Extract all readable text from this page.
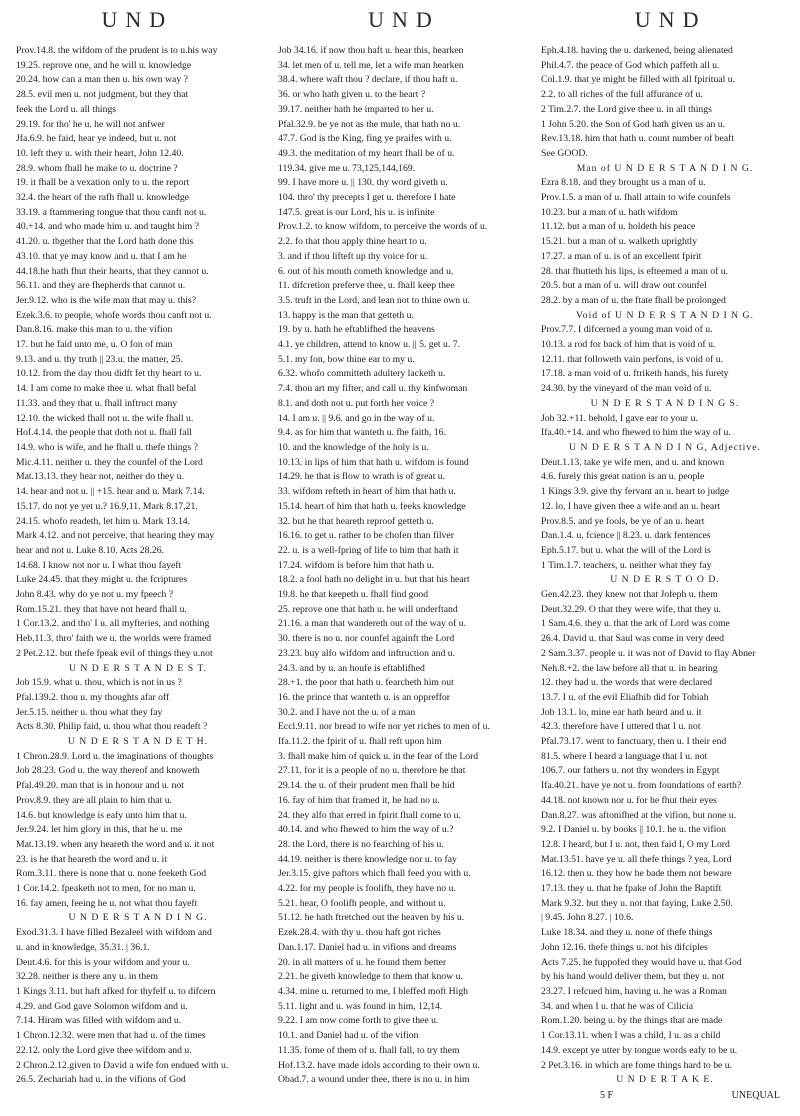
UND	UND	UND
Prov.14.8. the wifdom of the prudent is to u.his way
19.25. reprove one, and he will u. knowledge
20.24. how can a man then u. his own way ?
28.5. evil men u. not judgment, but they that
feek the Lord u. all things
29.19. for tho' he u. he will not anfwer
Jfa.6.9. he faid, hear ye indeed, but u. not
10. left they u. with their heart, John 12.40.
28.9. whom fhall he make to u. doctrine ?
19. it fhall be a vexation only to u. the report
32.4. the heart of the rafh fhall u. knowledge
33.19. a ftammering tongue that thou canft not u.
40.+14. and who made him u. and taught him ?
41.20. u. tbgether that the Lord hath done this
43.10. that ye may know and u. that I am he
44.18.he hath fhut their hearts, that they cannot u.
56.11. and they are fhepherds that cannot u.
Jer.9.12. who is the wife man that may u. this?
Ezek.3.6. to people, whofe words thou canft not u.
Dan.8.16. make this man to u. the vifion
17. but he faid unto me, u. O fon of man
9.13. and u. thy truth || 23.u. the matter, 25.
10.12. from the day thou didft fet thy heart to u.
14. I am come to make thee u. what fhall befal
11.33. and they that u. fhall inftruct many
12.10. the wicked fhall not u. the wife fhall u.
Hof.4.14. the people that doth not u. fhall fall
14.9. who is wife, and he fhall u. thefe things ?
Mic.4.11. neither u. they the counfel of the Lord
Mat.13.13. they hear not, neither do they u.
14. hear and not u. || +15. hear and u. Mark 7.14.
15.17. do not ye yet u.? 16.9,11. Mark 8.17,21.
24.15. whofo readeth, let him u. Mark 13.14.
Mark 4.12. and not perceive, that hearing they may
hear and not u. Luke 8.10. Acts 28.26.
14.68. I know not nor u. I what thou fayeft
Luke 24.45. that they might u. the fcriptures
John 8.43. why do ye not u. my fpeech ?
Rom.15.21. they that have not heard fhall u.
1 Cor.13.2. and tho' I u. all myfteries, and nothing
Heb.11.3. thro' faith we u. the worlds were framed
2 Pet.2.12. but thefe fpeak evil of things they u.not
U N D E R S T A N D E S T.
Job 15.9. what u. thou, which is not in us ?
Pfal.139.2. thou u. my thoughts afar off
Jer.5.15. neither u. thou what they fay
Acts 8.30. Philip faid, u. thou what thou readeft ?
U N D E R S T A N D E T H.
1 Chron.28.9. Lord u. the imaginations of thoughts
Job 28.23. God u. the way thereof and knoweth
Pfal.49.20. man that is in honour and u. not
Prov.8.9. they are all plain to him that u.
14.6. but knowledge is eafy unto him that u.
Jer.9.24. let him glory in this, that he u. me
Mat.13.19. when any heareth the word and u. it not
23. is he that heareth the word and u. it
Rom.3.11. there is none that u. none feeketh God
1 Cor.14.2. fpeaketh not to men, for no man u.
16. fay amen, feeing he u. not what thou fayeft
U N D E R S T A N D I N G.
Exod.31.3. I have filled Bezaleel with wifdom and
u. and in knowledge, 35.31. | 36.1.
Deut.4.6. for this is your wifdom and your u.
32.28. neither is there any u. in them
1 Kings 3.11. but haft afked for thyfelf u. to difcern
4.29. and God gave Solomon wifdom and u.
7.14. Hiram was filled with wifdom and u.
1 Chron.12.32. were men that had u. of the times
22.12. only the Lord give thee wifdom and u.
2 Chron.2.12.given to David a wife fon endued with u.
26.5. Zechariah had u. in the vifions of God
Job 34.16. if now thou haft u. hear this, hearken
34. let men of u. tell me, let a wife man hearken
38.4. where waft thou ? declare, if thou haft u.
36. or who hath given u. to the heart ?
39.17. neither hath he imparted to her u.
Pfal.32.9. be ye not as the mule, that hath no u.
47.7. God is the King, fing ye praifes with u.
49.3. the meditation of my heart fhall be of u.
119.34. give me u. 73,125,144,169.
99. I have more u. || 130. thy word giveth u.
104. thro' thy precepts I get u. therefore I hate
147.5. great is our Lord, his u. is infinite
Prov.1.2. to know wifdom, to perceive the words of u.
2.2. fo that thou apply thine heart to u.
3. and if thou lifteft up thy voice for u.
6. out of his mouth cometh knowledge and u.
11. difcretion preferve thee, u. fhall keep thee
3.5. truft in the Lord, and lean not to thine own u.
13. happy is the man that getteth u.
19. by u. hath he eftablifhed the heavens
4.1. ye children, attend to know u. || 5. get u. 7.
5.1. my fon, bow thine ear to my u.
6.32. whofo committeth adultery lacketh u.
7.4. thou art my fifter, and call u. thy kinfwoman
8.1. and doth not u. put forth her voice ?
14. I am u. || 9.6. and go in the way of u.
9.4. as for him that wanteth u. fhe faith, 16.
10. and the knowledge of the holy is u.
10.13. in lips of him that hath u. wifdom is found
14.29. he that is flow to wrath is of great u.
33. wifdom refteth in heart of him that hath u.
15.14. heart of him that hath u. feeks knowledge
32. but he that heareth reproof getteth u.
16.16. to get u. rather to be chofen than filver
22. u. is a well-fpring of life to him that hath it
17.24. wifdom is before him that hath u.
18.2. a fool hath no delight in u. but that his heart
19.8. he that keepeth u. fhall find good
25. reprove one that hath u. he will underftand
21.16. a man that wandereth out of the way of u.
30. there is no u. nor counfel againft the Lord
23.23. buy alfo wifdom and inftruction and u.
24.3. and by u. an houfe is eftablifhed
28.+1. the poor that hath u. fearcheth him out
16. the prince that wanteth u. is an oppreffor
30.2. and I have not the u. of a man
Eccl.9.11. nor bread to wife nor yet riches to men of u.
Ifa.11.2. the fpirit of u. fhall reft upon him
3. fhall make him of quick u. in the fear of the Lord
27.11. for it is a people of no u. therefore he that
29.14. the u. of their prudent men fhall be hid
16. fay of him that framed it, he had no u.
24. they alfo that erred in fpirit fhall come to u.
40.14. and who fhewed to him the way of u.?
28. the Lord, there is no fearching of his u.
44.19. neither is there knowledge nor u. to fay
Jer.3.15. give paftors which fhall feed you with u.
4.22. for my people is foolifh, they have no u.
5.21. hear, O foolifh people, and without u.
51.12. he hath ftretched out the heaven by his u.
Ezek.28.4. with thy u. thou haft got riches
Dan.1.17. Daniel had u. in vifions and dreams
20. in all matters of u. he found them better
2.21. he giveth knowledge to them that know u.
4.34. mine u. returned to me, I bleffed moft High
5.11. light and u. was found in him, 12,14.
9.22. I am now come forth to give thee u.
10.1. and Daniel had u. of the vifion
11.35. fome of them of u. fhall fall, to try them
Hof.13.2. have made idols according to their own u.
Obad.7. a wound under thee, there is no u. in him
Eph.4.18. having the u. darkened, being alienated
Phil.4.7. the peace of God which paffeth all u.
Col.1.9. that ye might be filled with all fpiritual u.
2.2. to all riches of the full affurance of u.
2 Tim.2.7. the Lord give thee u. in all things
1 John 5.20. the Son of God hath given us an u.
Rev.13.18. him that hath u. count number of beaft
See GOOD.
Man of U N D E R S T A N D I N G.
Ezra 8.18. and they brought us a man of u.
Prov.1.5. a man of u. fhall attain to wife counfels
10.23. but a man of u. hath wifdom
11.12. but a man of u. holdeth his peace
15.21. but a man of u. walketh uprightly
17.27. a man of u. is of an excellent fpirit
28. that fhutteth his lips, is efteemed a man of u.
20.5. but a man of u. will draw out counfel
28.2. by a man of u. the ftate fhall be prolonged
Void of U N D E R S T A N D I N G.
Prov.7.7. I difcerned a young man void of u.
10.13. a rod for back of him that is void of u.
12.11. that followeth vain perfons, is void of u.
17.18. a man void of u. ftriketh hands, his furety
24.30. by the vineyard of the man void of u.
U N D E R S T A N D I N G S.
Job 32.+11. behold, I gave ear to your u.
Ifa.40.+14. and who fhewed to him the way of u.
U N D E R S T A N D I N G, Adjective.
Deut.1.13. take ye wife men, and u. and known
4.6. furely this great nation is an u. people
1 Kings 3.9. give thy fervant an u. heart to judge
12. lo, I have given thee a wife and an u. heart
Prov.8.5. and ye fools, be ye of an u. heart
Dan.1.4. u. fcience || 8.23. u. dark fentences
Eph.5.17. but u. what the will of the Lord is
1 Tim.1.7. teachers, u. neither what they fay
U N D E R S T O O D.
Gen.42.23. they knew not that Jofeph u. them
Deut.32.29. O that they were wife, that they u.
1 Sam.4.6. they u. that the ark of Lord was come
26.4. David u. that Saul was come in very deed
2 Sam.3.37. people u. it was not of David to flay Abner
Neh.8.+2. the law before all that u. in hearing
12. they had u. the words that were declared
13.7. I u. of the evil Eliafhib did for Tobiah
Job 13.1. lo, mine ear hath heard and u. it
42.3. therefore have I uttered that I u. not
Pfal.73.17. went to fanctuary, then u. I their end
81.5. where I heard a language that I u. not
106.7. our fathers u. not thy wonders in Egypt
Ifa.40.21. have ye not u. from foundations of earth?
44.18. not known nor u. for he fhut their eyes
Dan.8.27. was aftonifhed at the vifion, but none u.
9.2. I Daniel u. by books || 10.1. he u. the vifion
12.8. I heard, but I u. not, then faid I, O my Lord
Mat.13.51. have ye u. all thefe things ? yea, Lord
16.12. then u. they how he bade them not beware
17.13. they u. that he fpake of John the Baptift
Mark 9.32. but they u. not that faying, Luke 2.50.
| 9.45. John 8.27. | 10.6.
Luke 18.34. and they u. none of thefe things
John 12.16. thefe things u. not his difciples
Acts 7.25. he fuppofed they would have u. that God
by his hand would deliver them, but they u. not
23.27. I refcued him, having u. he was a Roman
34. and when I u. that he was of Cilicia
Rom.1.20. being u. by the things that are made
1 Cor.13.11. when I was a child, I u. as a child
14.9. except ye utter by tongue words eafy to be u.
2 Pet.3.16. in which are fome things hard to be u.
U N D E R T A K E.
5 F	UNEQUAL
